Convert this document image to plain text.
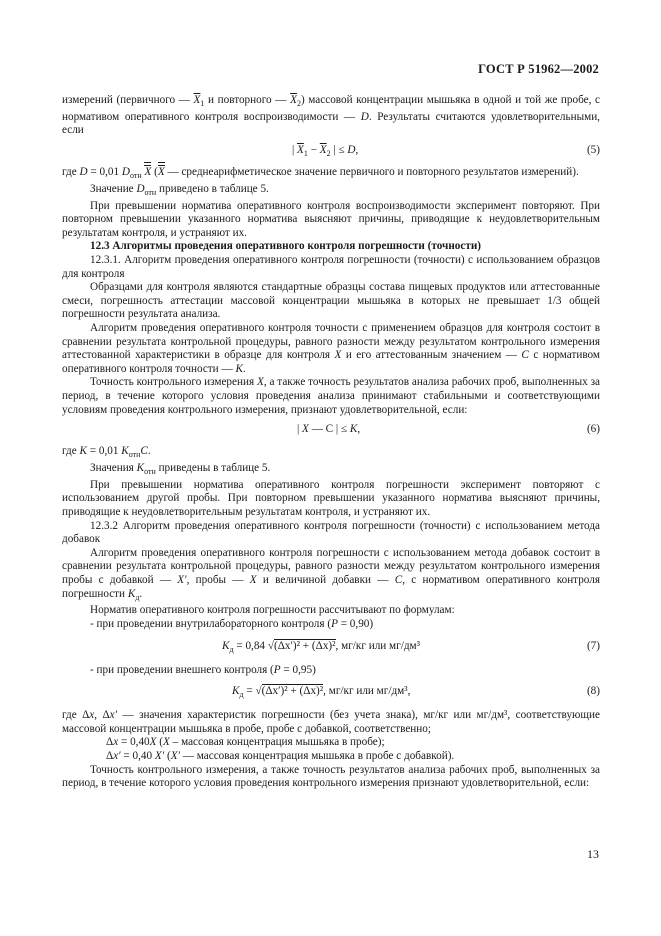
ГОСТ Р 51962—2002

измерений (первичного — $\overline{X}_1$ и повторного — $\overline{X}_2$) массовой концентрации мышьяка в одной и той же пробе, с нормативом оперативного контроля воспроизводимости — D. Результаты считаются удовлетворительными, если

| $\overline{X}_1 - \overline{X}_2$ | ≤ D,	(5)

где D = 0,01 $D_{отн}$ X (X — среднеарифметическое значение первичного и повторного результатов измерений).

Значение $D_{отн}$ приведено в таблице 5.

При превышении норматива оперативного контроля воспроизводимости эксперимент повторяют. При повторном превышении указанного норматива выясняют причины, приводящие к неудовлетворительным результатам контроля, и устраняют их.

12.3 Алгоритмы проведения оперативного контроля погрешности (точности)

12.3.1. Алгоритм проведения оперативного контроля погрешности (точности) с использованием образцов для контроля

Образцами для контроля являются стандартные образцы состава пищевых продуктов или аттестованные смеси, погрешность аттестации массовой концентрации мышьяка в которых не превышает 1/3 общей погрешности результата анализа.

Алгоритм проведения оперативного контроля точности с применением образцов для контроля состоит в сравнении результата контрольной процедуры, равного разности между результатом контрольного измерения аттестованной характеристики в образце для контроля X и его аттестованным значением — C с нормативом оперативного контроля точности — K.

Точность контрольного измерения X, а также точность результатов анализа рабочих проб, выполненных за период, в течение которого условия проведения анализа принимают стабильными и соответствующими условиям проведения контрольного измерения, признают удовлетворительной, если:

| X — C | ≤ K,	(6)

где K = 0,01 $K_{отн}C$.

Значения $K_{отн}$ приведены в таблице 5.

При превышении норматива оперативного контроля погрешности эксперимент повторяют с использованием другой пробы. При повторном превышении указанного норматива выясняют причины, приводящие к неудовлетворительным результатам контроля, и устраняют их.

12.3.2 Алгоритм проведения оперативного контроля погрешности (точности) с использованием метода добавок

Алгоритм проведения оперативного контроля погрешности с использованием метода добавок состоит в сравнении результата контрольной процедуры, равного разности между результатом контрольного измерения пробы с добавкой — X′, пробы — X и величиной добавки — C, с нормативом оперативного контроля погрешности $K_д$.

Норматив оперативного контроля погрешности рассчитывают по формулам:

- при проведении внутрилабораторного контроля (P = 0,90)

$K_д = 0,84$ √(Δx′)² + (Δx)², мг/кг или мг/дм³	(7)

- при проведении внешнего контроля (P = 0,95)

$K_д = √(\Delta x')^2 + (\Delta x)^2$, мг/кг или мг/дм³,	(8)

где Δx, Δx′ — значения характеристик погрешности (без учета знака), мг/кг или мг/дм³, соответствующие массовой концентрации мышьяка в пробе, пробе с добавкой, соответственно;

Δx = 0,40X (X – массовая концентрация мышьяка в пробе);

Δx′ = 0,40 X′ (X′ — массовая концентрация мышьяка в пробе с добавкой).

Точность контрольного измерения, а также точность результатов анализа рабочих проб, выполненных за период, в течение которого условия проведения контрольного измерения признают удовлетворительной, если:

13
